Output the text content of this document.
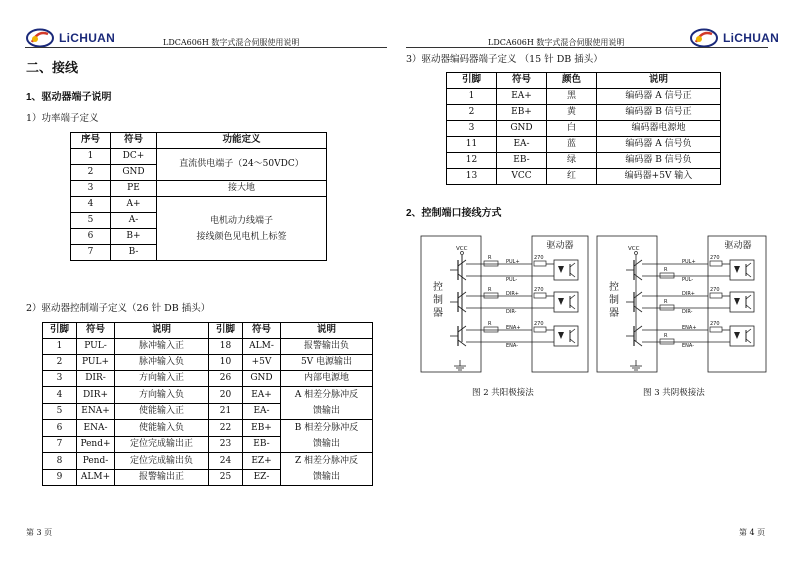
LiCHUAN	LDCA606H 数字式混合伺服使用说明	LDCA606H 数字式混合伺服使用说明	LiCHUAN
二、接线
1、驱动器端子说明
1）功率端子定义
序号	符号	功能定义
1	DC+	直流供电端子（24～50VDC）
2	GND	
3	PE	接大地
4	A+	电机动力线端子
接线颜色见电机上标签

5	A-	
6	B+	
7	B-	
2）驱动器控制端子定义（26 针 DB 插头）
引脚	符号	说明	引脚	符号	说明
1	PUL-	脉冲输入正	18	ALM-	报警输出负
2	PUL+	脉冲输入负	10	+5V	5V 电源输出
3	DIR-	方向输入正	26	GND	内部电源地
4	DIR+	方向输入负	20	EA+	A 相差分脉冲反
馈输出

5	ENA+	使能输入正	21	EA-	
6	ENA-	使能输入负	22	EB+	B 相差分脉冲反
馈输出

7	Pend+	定位完成输出正	23	EB-	
8	Pend-	定位完成输出负	24	EZ+	Z 相差分脉冲反
馈输出

9	ALM+	报警输出正	25	EZ-	
第 3 页
3）驱动器编码器端子定义 （15 针 DB 插头）
引脚	符号	颜色	说明
1	EA+	黑	编码器 A 信号正
2	EB+	黄	编码器 B 信号正
3	GND	白	编码器电源地
11	EA-	蓝	编码器 A 信号负
12	EB-	绿	编码器 B 信号负
13	VCC	红	编码器+5V 输入
2、控制端口接线方式
驱动器
控
制
器
VCC
R
PUL+
PUL-
270
R
DIR+
DIR-
270
R
ENA+
ENA-
270
驱动器
控
制
器
VCC
R
PUL+
PUL-
270
R
DIR+
DIR-
270
R
ENA+
ENA-
270
图 2 共阳极接法	图 3 共阴极接法
第 4 页
